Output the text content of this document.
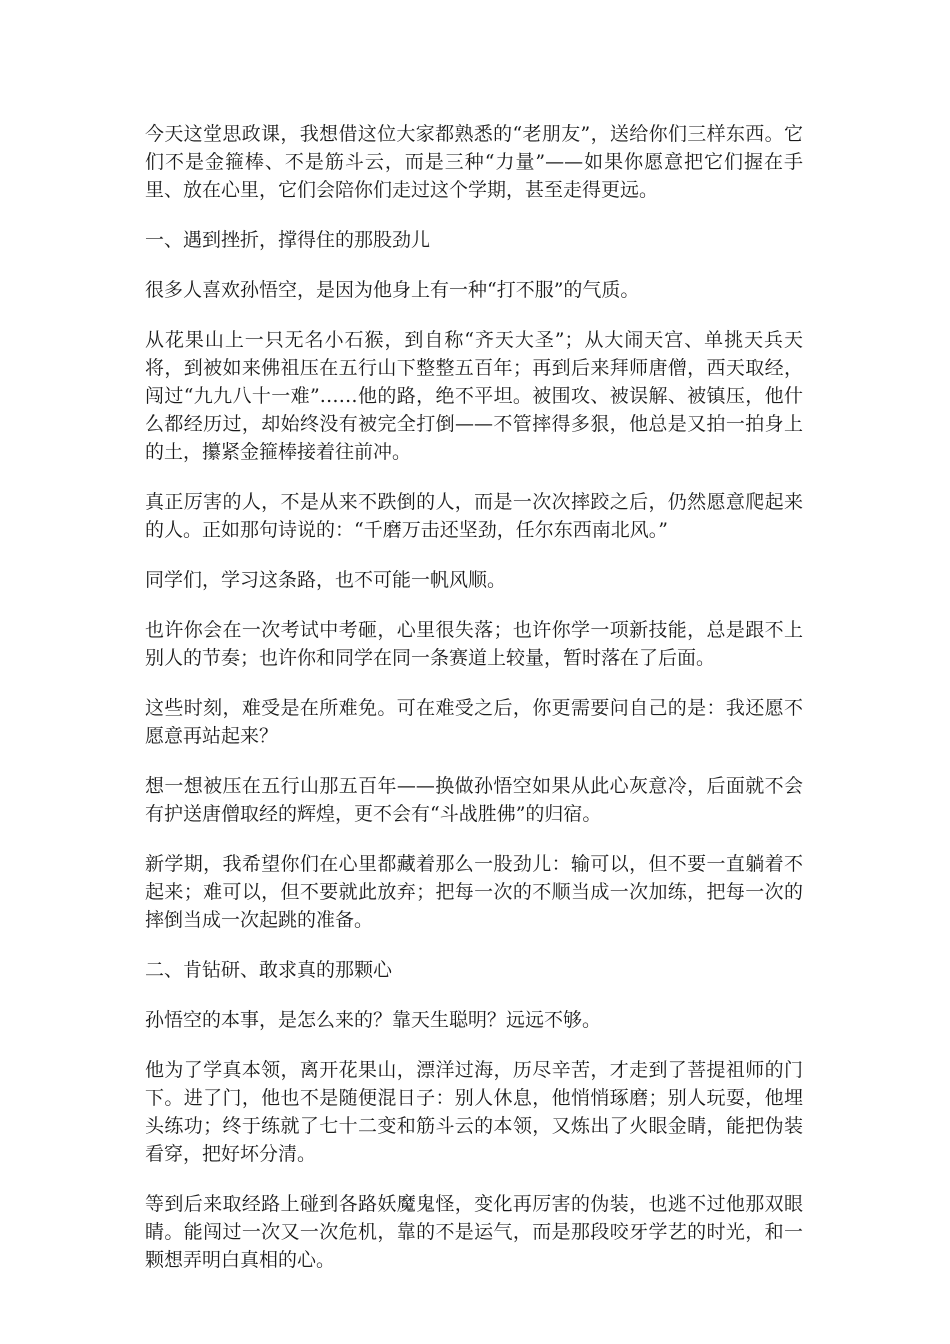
今天这堂思政课，我想借这位大家都熟悉的“老朋友”，送给你们三样东西。它们不是金箍棒、不是筋斗云，而是三种“力量”——如果你愿意把它们握在手里、放在心里，它们会陪你们走过这个学期，甚至走得更远。

一、遇到挫折，撑得住的那股劲儿

很多人喜欢孙悟空，是因为他身上有一种“打不服”的气质。

从花果山上一只无名小石猴，到自称“齐天大圣”；从大闹天宫、单挑天兵天将，到被如来佛祖压在五行山下整整五百年；再到后来拜师唐僧，西天取经，闯过“九九八十一难”……他的路，绝不平坦。被围攻、被误解、被镇压，他什么都经历过，却始终没有被完全打倒——不管摔得多狠，他总是又拍一拍身上的土，攥紧金箍棒接着往前冲。

真正厉害的人，不是从来不跌倒的人，而是一次次摔跤之后，仍然愿意爬起来的人。正如那句诗说的：“千磨万击还坚劲，任尔东西南北风。”

同学们，学习这条路，也不可能一帆风顺。

也许你会在一次考试中考砸，心里很失落；也许你学一项新技能，总是跟不上别人的节奏；也许你和同学在同一条赛道上较量，暂时落在了后面。

这些时刻，难受是在所难免。可在难受之后，你更需要问自己的是：我还愿不愿意再站起来？

想一想被压在五行山那五百年——换做孙悟空如果从此心灰意冷，后面就不会有护送唐僧取经的辉煌，更不会有“斗战胜佛”的归宿。

新学期，我希望你们在心里都藏着那么一股劲儿：输可以，但不要一直躺着不起来；难可以，但不要就此放弃；把每一次的不顺当成一次加练，把每一次的摔倒当成一次起跳的准备。

二、肯钻研、敢求真的那颗心

孙悟空的本事，是怎么来的？靠天生聪明？远远不够。

他为了学真本领，离开花果山，漂洋过海，历尽辛苦，才走到了菩提祖师的门下。进了门，他也不是随便混日子：别人休息，他悄悄琢磨；别人玩耍，他埋头练功；终于练就了七十二变和筋斗云的本领，又炼出了火眼金睛，能把伪装看穿，把好坏分清。

等到后来取经路上碰到各路妖魔鬼怪，变化再厉害的伪装，也逃不过他那双眼睛。能闯过一次又一次危机，靠的不是运气，而是那段咬牙学艺的时光，和一颗想弄明白真相的心。
